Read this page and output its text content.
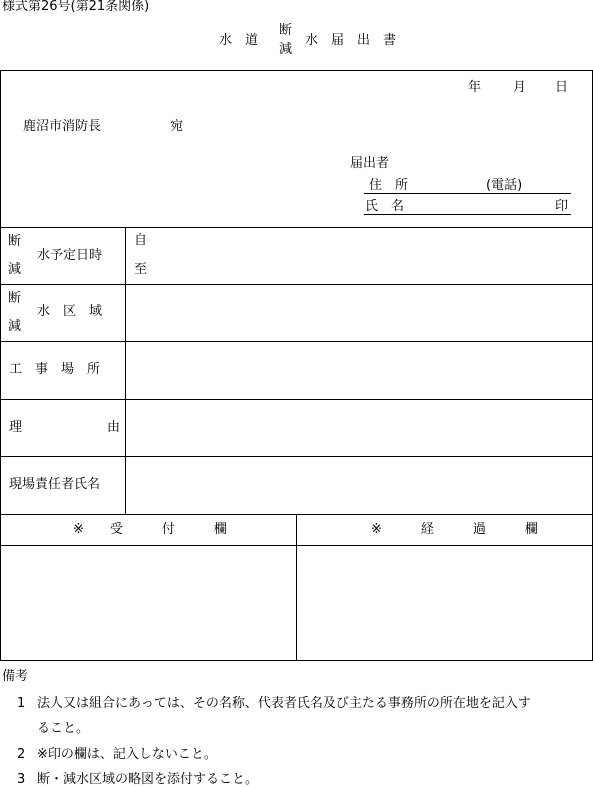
様式第26号(第21条関係)
水　道
断
減
水　届　出　書
年 月 日
鹿沼市消防長	宛
届出者
住　所	(電話)
氏　名	印
断
減
水予定日時
自
至
断
減
水　区　域
工　事　場　所
理	由
現場責任者氏名
※　　受　　　付　　　欄	※　　　経　　　過　　　欄
備考
1 法人又は組合にあっては、その名称、代表者氏名及び主たる事務所の所在地を記入す
ること。
2 ※印の欄は、記入しないこと。
3 断・減水区域の略図を添付すること。
